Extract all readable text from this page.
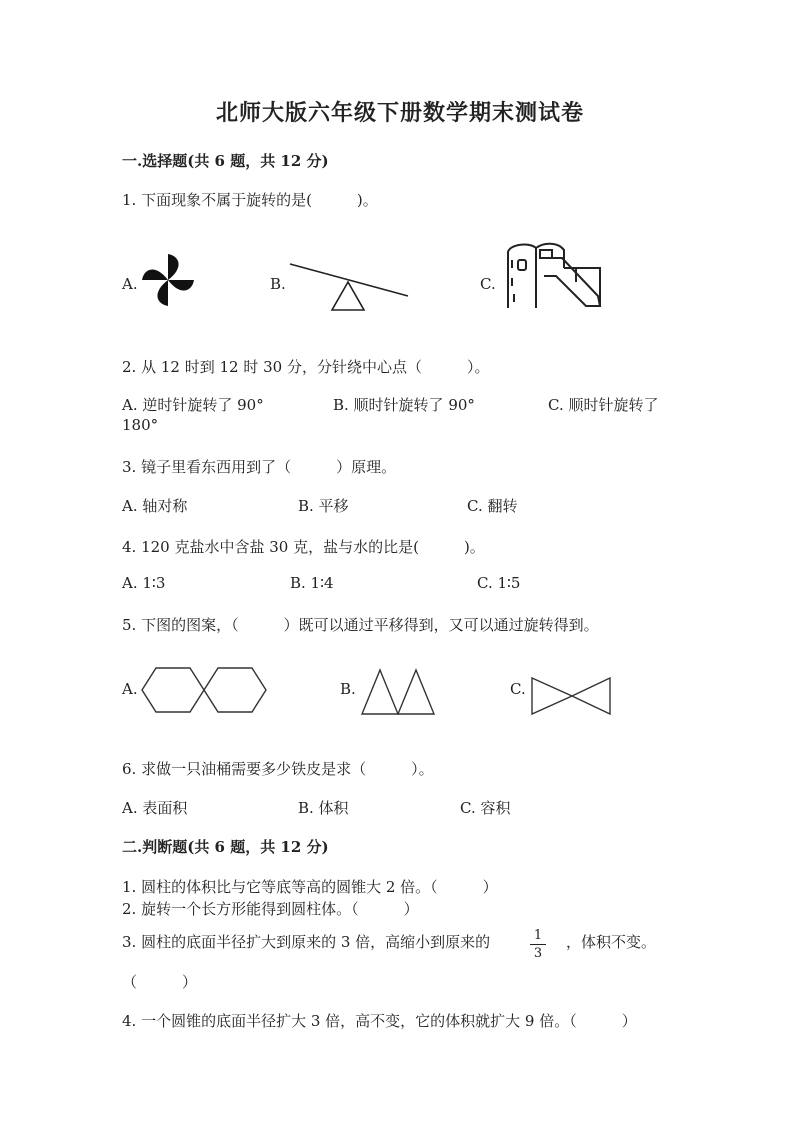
北师大版六年级下册数学期末测试卷
一.选择题(共 6 题，共 12 分)
1. 下面现象不属于旋转的是(　　　)。
A.	B.	C.
2. 从 12 时到 12 时 30 分，分针绕中心点（　　　）。
A. 逆时针旋转了 90°	B. 顺时针旋转了 90°	C. 顺时针旋转了
180°
3. 镜子里看东西用到了（　　　）原理。
A. 轴对称	B. 平移	C. 翻转
4. 120 克盐水中含盐 30 克，盐与水的比是(　　　)。
A. 1∶3	B. 1∶4	C. 1∶5
5. 下图的图案，（　　　）既可以通过平移得到，又可以通过旋转得到。
A.	B.	C.
6. 求做一只油桶需要多少铁皮是求（　　　）。
A. 表面积	B. 体积	C. 容积
二.判断题(共 6 题，共 12 分)
1. 圆柱的体积比与它等底等高的圆锥大 2 倍。（　　　）
2. 旋转一个长方形能得到圆柱体。（　　　）
3. 圆柱的底面半径扩大到原来的 3 倍，高缩小到原来的	1
3
，体积不变。
（　　　）
4. 一个圆锥的底面半径扩大 3 倍，高不变，它的体积就扩大 9 倍。（　　　）
